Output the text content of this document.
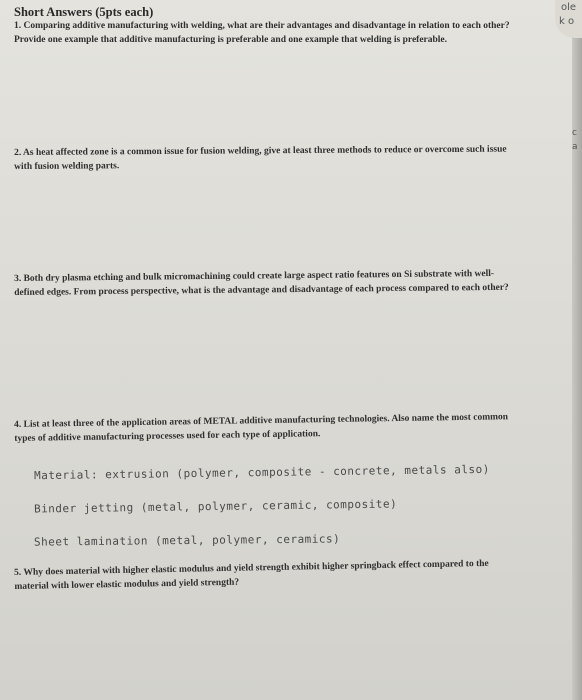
Short Answers (5pts each)
1. Comparing additive manufacturing with welding, what are their advantages and disadvantage in relation to each other? Provide one example that additive manufacturing is preferable and one example that welding is preferable.
2. As heat affected zone is a common issue for fusion welding, give at least three methods to reduce or overcome such issue with fusion welding parts.
3. Both dry plasma etching and bulk micromachining could create large aspect ratio features on Si substrate with well-defined edges. From process perspective, what is the advantage and disadvantage of each process compared to each other?
4. List at least three of the application areas of METAL additive manufacturing technologies. Also name the most common types of additive manufacturing processes used for each type of application.
Material: extrusion (polymer, composite - concrete, metals also)
Binder jetting (metal, polymer, ceramic, composite)
Sheet lamination (metal, polymer, ceramics)
5. Why does material with higher elastic modulus and yield strength exhibit higher springback effect compared to the material with lower elastic modulus and yield strength?
ole
k o
c
a
